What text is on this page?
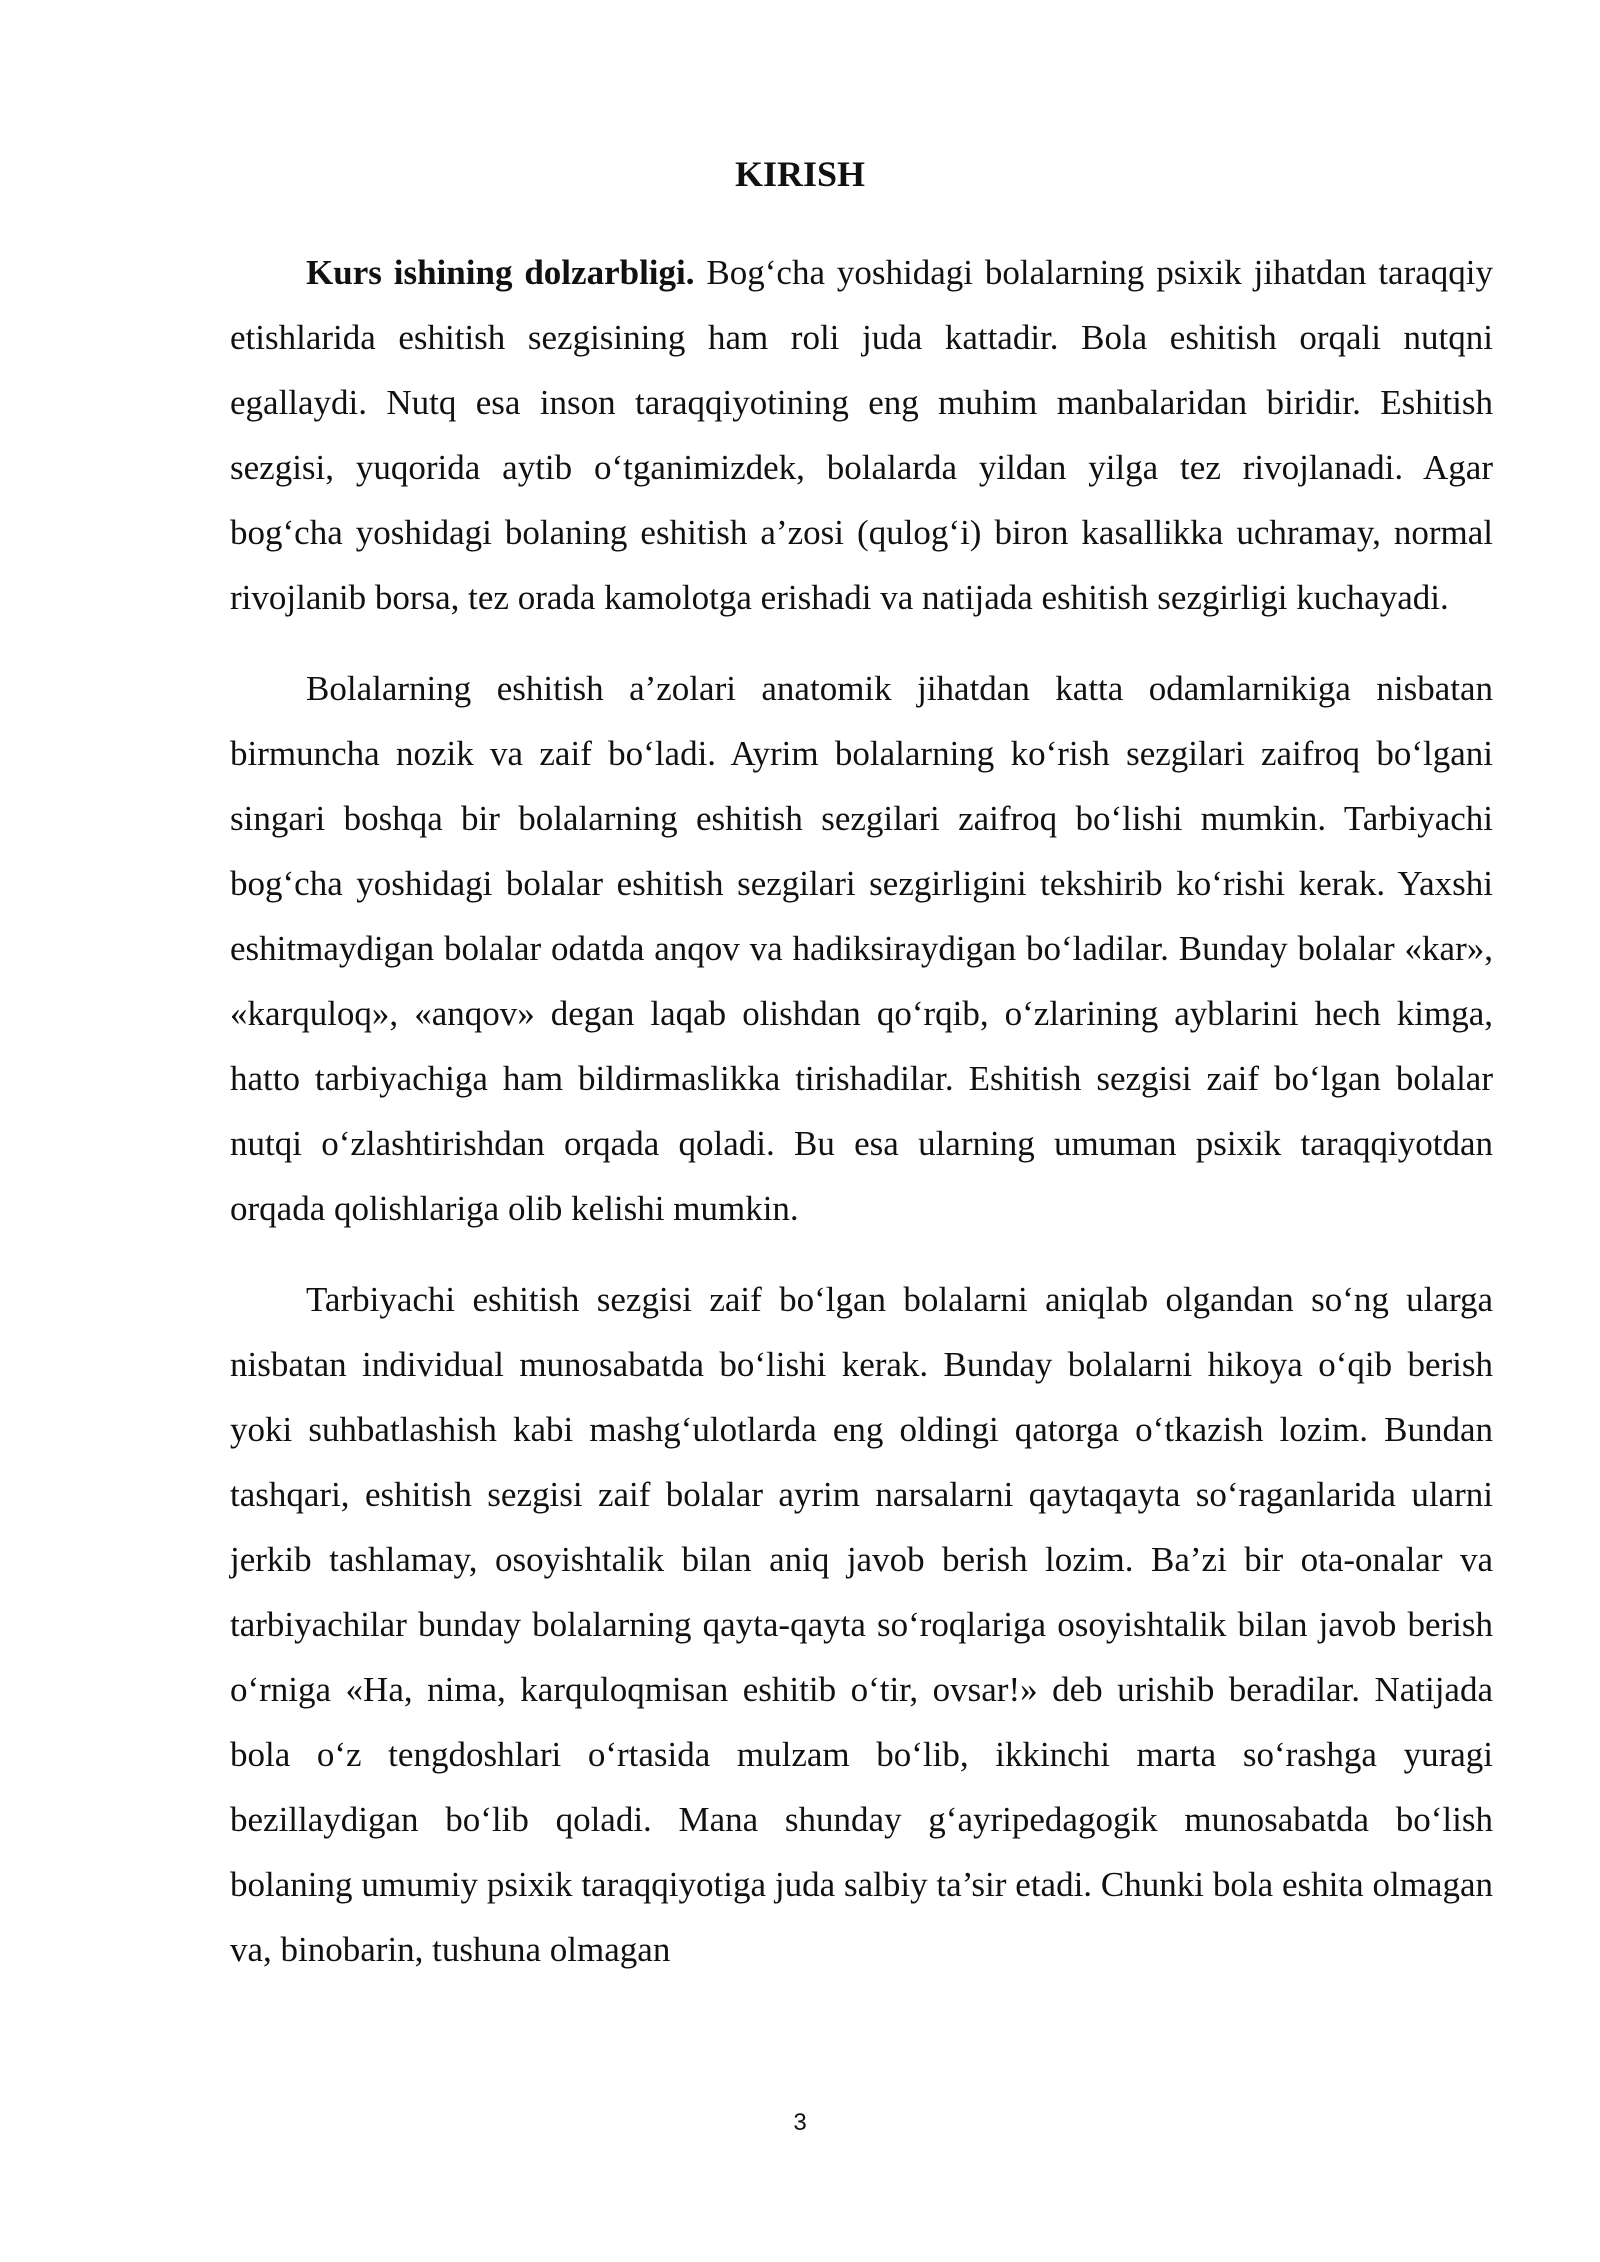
KIRISH

Kurs ishining dolzarbligi. Bog‘cha yoshidagi bolalarning psixik jihatdan taraqqiy etishlarida eshitish sezgisining ham roli juda kattadir. Bola eshitish orqali nutqni egallaydi. Nutq esa inson taraqqiyotining eng muhim manbalaridan biridir. Eshitish sezgisi, yuqorida aytib o‘tganimizdek, bolalarda yildan yilga tez rivojlanadi. Agar bog‘cha yoshidagi bolaning eshitish a’zosi (qulog‘i) biron kasallikka uchramay, normal rivojlanib borsa, tez orada kamolotga erishadi va natijada eshitish sezgirligi kuchayadi.

Bolalarning eshitish a’zolari anatomik jihatdan katta odamlarnikiga nisbatan birmuncha nozik va zaif bo‘ladi. Ayrim bolalarning ko‘rish sezgilari zaifroq bo‘lgani singari boshqa bir bolalarning eshitish sezgilari zaifroq bo‘lishi mumkin. Tarbiyachi bog‘cha yoshidagi bolalar eshitish sezgilari sezgirligini tekshirib ko‘rishi kerak. Yaxshi eshitmaydigan bolalar odatda anqov va hadiksiraydigan bo‘ladilar. Bunday bolalar «kar», «karquloq», «anqov» degan laqab olishdan qo‘rqib, o‘zlarining ayblarini hech kimga, hatto tarbiyachiga ham bildirmaslikka tirishadilar. Eshitish sezgisi zaif bo‘lgan bolalar nutqi o‘zlashtirishdan orqada qoladi. Bu esa ularning umuman psixik taraqqiyotdan orqada qolishlariga olib kelishi mumkin.

Tarbiyachi eshitish sezgisi zaif bo‘lgan bolalarni aniqlab olgandan so‘ng ularga nisbatan individual munosabatda bo‘lishi kerak. Bunday bolalarni hikoya o‘qib berish yoki suhbatlashish kabi mashg‘ulotlarda eng oldingi qatorga o‘tkazish lozim. Bundan tashqari, eshitish sezgisi zaif bolalar ayrim narsalarni qaytaqayta so‘raganlarida ularni jerkib tashlamay, osoyishtalik bilan aniq javob berish lozim. Ba’zi bir ota-onalar va tarbiyachilar bunday bolalarning qayta-qayta so‘roqlariga osoyishtalik bilan javob berish o‘rniga «Ha, nima, karquloqmisan eshitib o‘tir, ovsar!» deb urishib beradilar. Natijada bola o‘z tengdoshlari o‘rtasida mulzam bo‘lib, ikkinchi marta so‘rashga yuragi bezillaydigan bo‘lib qoladi. Mana shunday g‘ayripedagogik munosabatda bo‘lish bolaning umumiy psixik taraqqiyotiga juda salbiy ta’sir etadi. Chunki bola eshita olmagan va, binobarin, tushuna olmagan

3
